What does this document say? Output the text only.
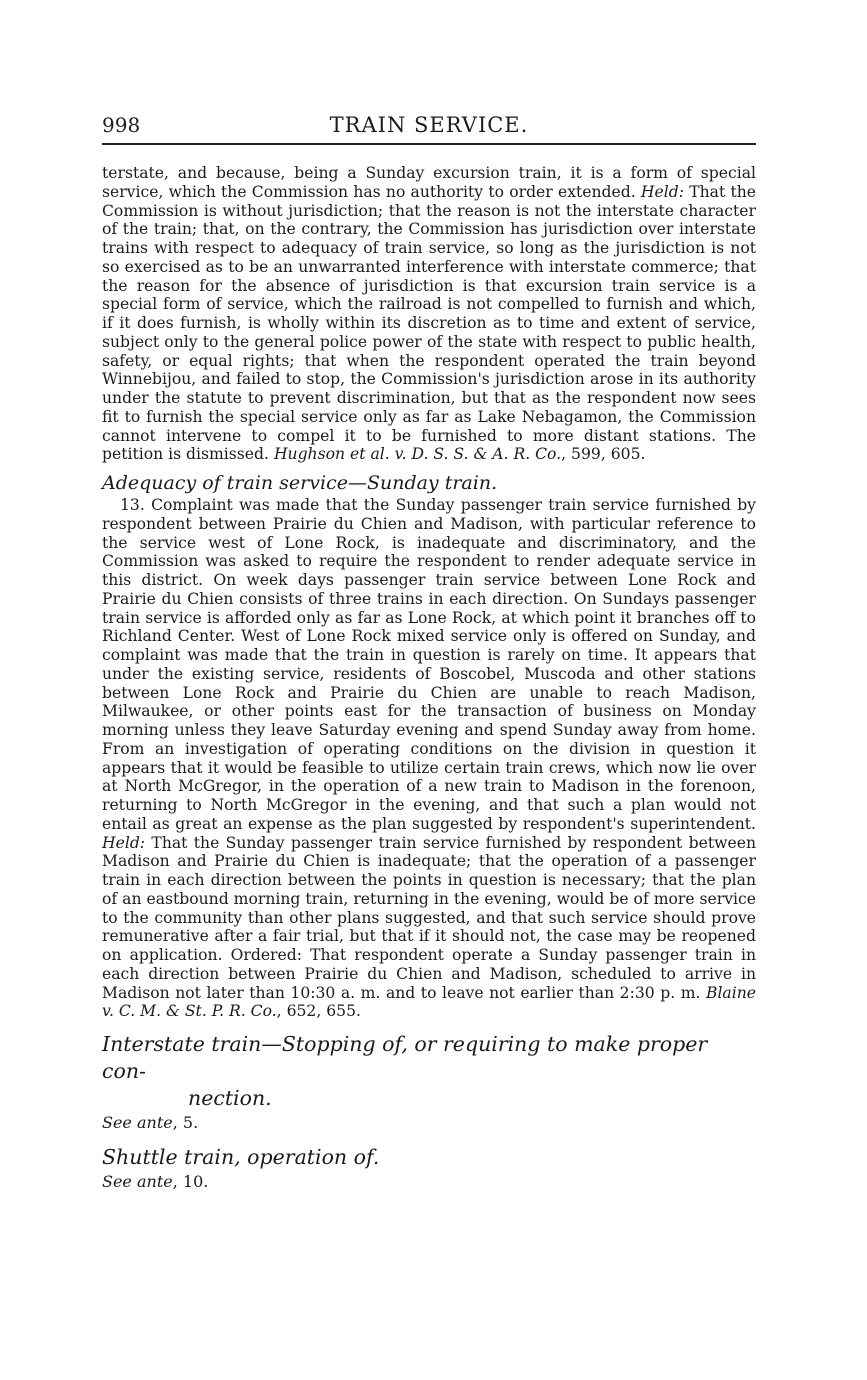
998	TRAIN SERVICE.

terstate, and because, being a Sunday excursion train, it is a form of special service, which the Commission has no authority to order extended. Held: That the Commission is without jurisdiction; that the reason is not the interstate character of the train; that, on the contrary, the Commission has jurisdiction over interstate trains with respect to adequacy of train service, so long as the jurisdiction is not so exercised as to be an unwarranted interference with interstate commerce; that the reason for the absence of jurisdiction is that excursion train service is a special form of service, which the railroad is not compelled to furnish and which, if it does furnish, is wholly within its discretion as to time and extent of service, subject only to the general police power of the state with respect to public health, safety, or equal rights; that when the respondent operated the train beyond Winnebijou, and failed to stop, the Commission's jurisdiction arose in its authority under the statute to prevent discrimination, but that as the respondent now sees fit to furnish the special service only as far as Lake Nebagamon, the Commission cannot intervene to compel it to be furnished to more distant stations. The petition is dismissed. Hughson et al. v. D. S. S. & A. R. Co., 599, 605.

Adequacy of train service—Sunday train.

13. Complaint was made that the Sunday passenger train service furnished by respondent between Prairie du Chien and Madison, with particular reference to the service west of Lone Rock, is inadequate and discriminatory, and the Commission was asked to require the respondent to render adequate service in this district. On week days passenger train service between Lone Rock and Prairie du Chien consists of three trains in each direction. On Sundays passenger train service is afforded only as far as Lone Rock, at which point it branches off to Richland Center. West of Lone Rock mixed service only is offered on Sunday, and complaint was made that the train in question is rarely on time. It appears that under the existing service, residents of Boscobel, Muscoda and other stations between Lone Rock and Prairie du Chien are unable to reach Madison, Milwaukee, or other points east for the transaction of business on Monday morning unless they leave Saturday evening and spend Sunday away from home. From an investigation of operating conditions on the division in question it appears that it would be feasible to utilize certain train crews, which now lie over at North McGregor, in the operation of a new train to Madison in the forenoon, returning to North McGregor in the evening, and that such a plan would not entail as great an expense as the plan suggested by respondent's superintendent. Held: That the Sunday passenger train service furnished by respondent between Madison and Prairie du Chien is inadequate; that the operation of a passenger train in each direction between the points in question is necessary; that the plan of an eastbound morning train, returning in the evening, would be of more service to the community than other plans suggested, and that such service should prove remunerative after a fair trial, but that if it should not, the case may be reopened on application. Ordered: That respondent operate a Sunday passenger train in each direction between Prairie du Chien and Madison, scheduled to arrive in Madison not later than 10:30 a. m. and to leave not earlier than 2:30 p. m. Blaine v. C. M. & St. P. R. Co., 652, 655.

Interstate train—Stopping of, or requiring to make proper con-
nection.

See ante, 5.

Shuttle train, operation of.

See ante, 10.
